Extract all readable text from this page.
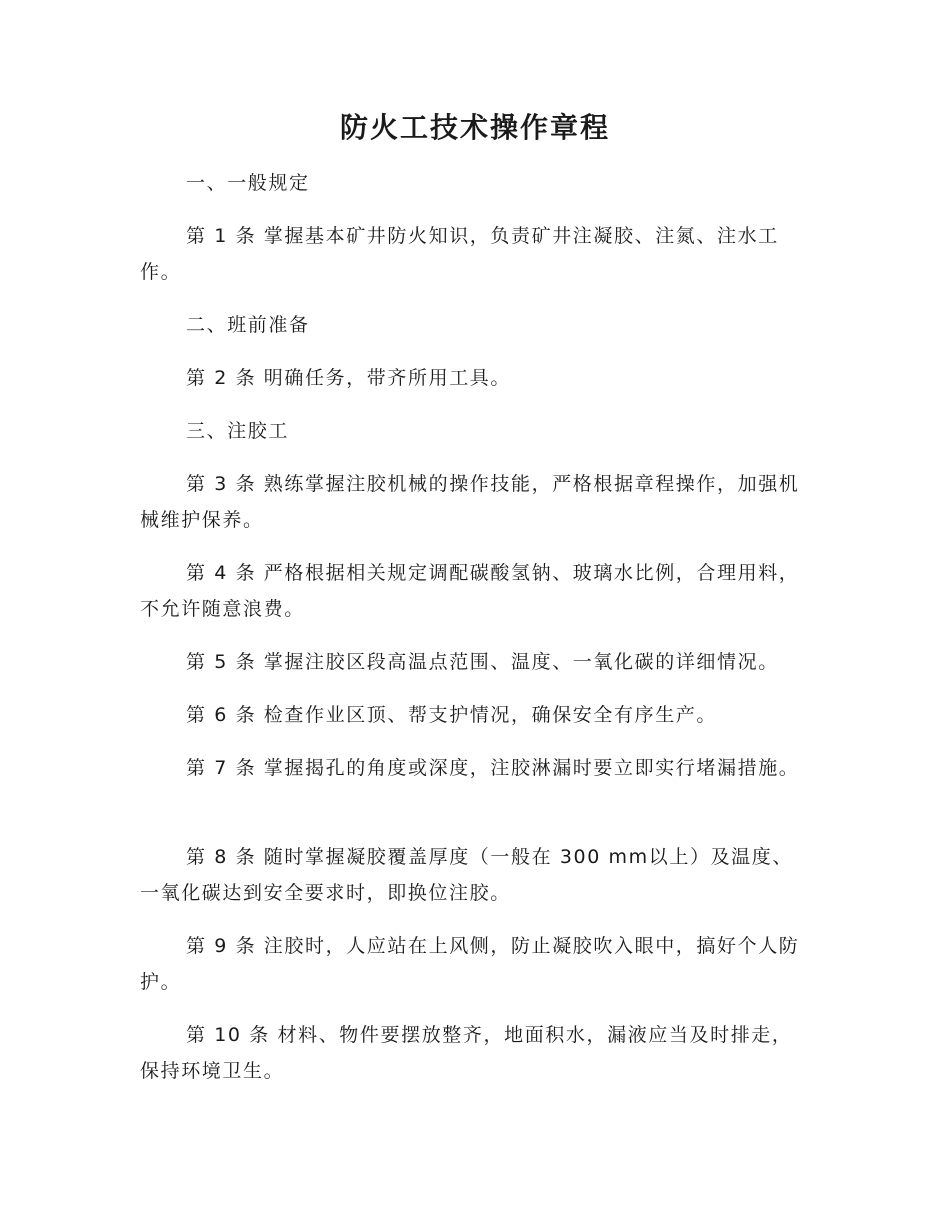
防火工技术操作章程

一、一般规定

第 1 条 掌握基本矿井防火知识，负责矿井注凝胶、注氮、注水工作。

二、班前准备

第 2 条 明确任务，带齐所用工具。

三、注胶工

第 3 条 熟练掌握注胶机械的操作技能，严格根据章程操作，加强机械维护保养。

第 4 条 严格根据相关规定调配碳酸氢钠、玻璃水比例，合理用料，不允许随意浪费。

第 5 条 掌握注胶区段高温点范围、温度、一氧化碳的详细情况。

第 6 条 检查作业区顶、帮支护情况，确保安全有序生产。

第 7 条 掌握揭孔的角度或深度，注胶淋漏时要立即实行堵漏措施。

第 8 条 随时掌握凝胶覆盖厚度（一般在 300 mm以上）及温度、一氧化碳达到安全要求时，即换位注胶。

第 9 条 注胶时，人应站在上风侧，防止凝胶吹入眼中，搞好个人防护。

第 10 条 材料、物件要摆放整齐，地面积水，漏液应当及时排走，保持环境卫生。
